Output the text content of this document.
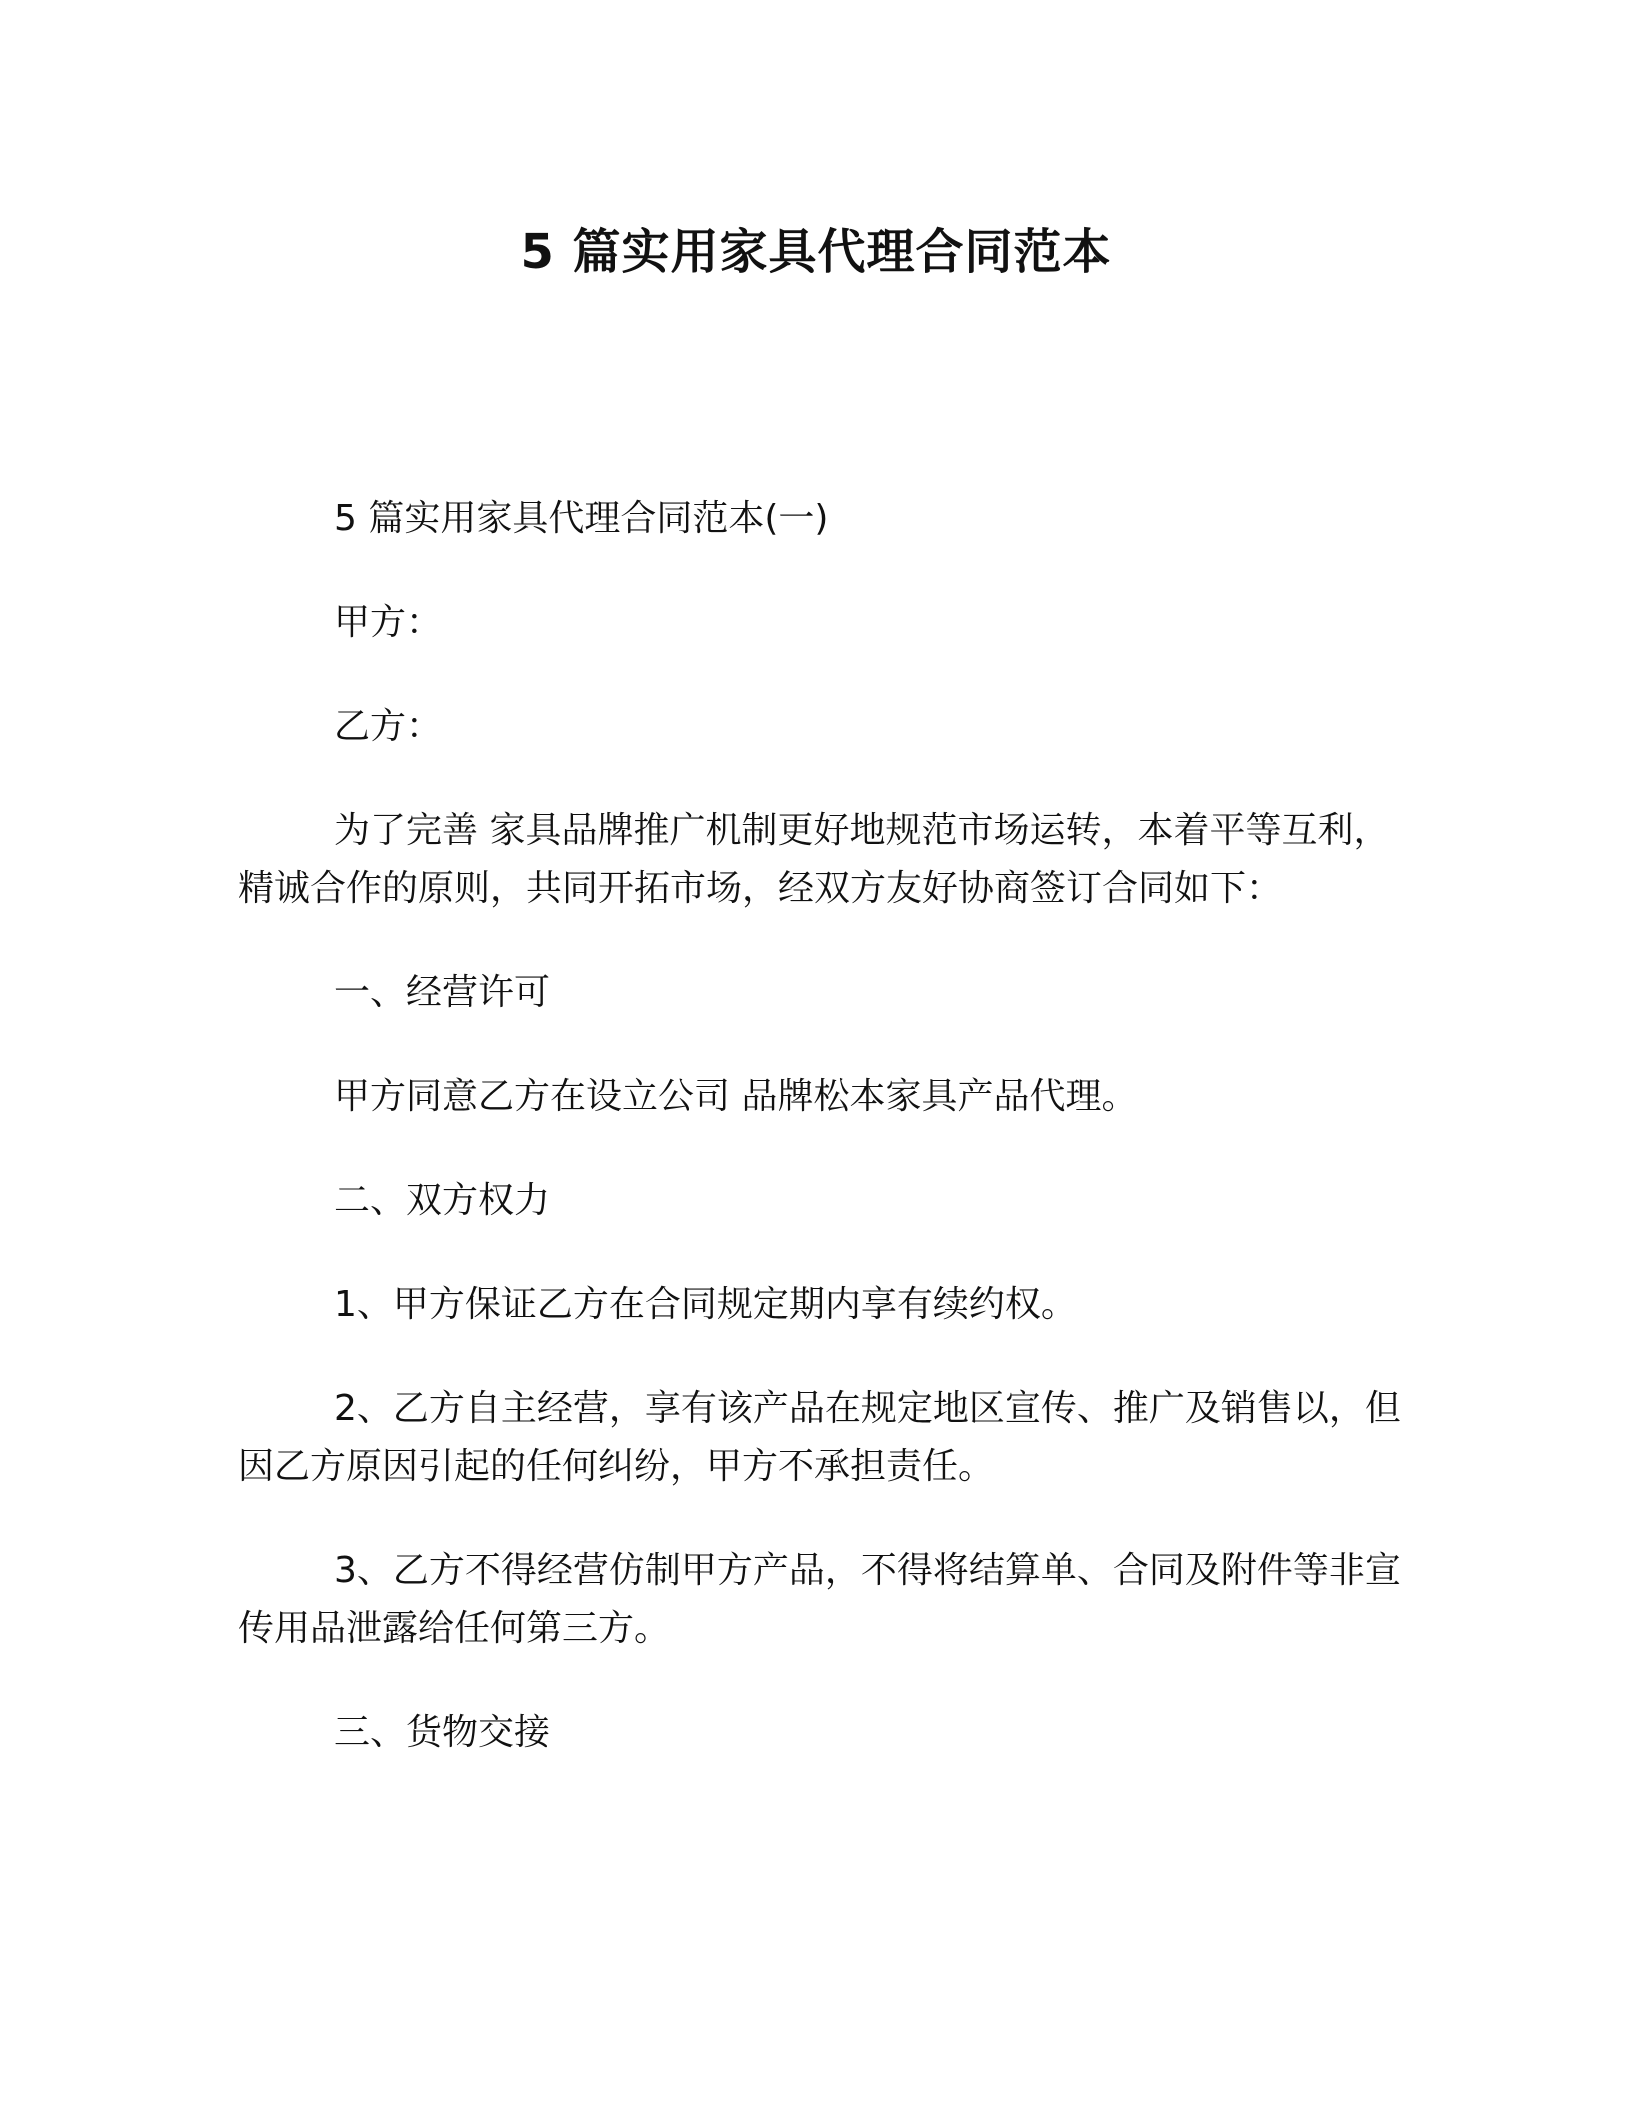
5 篇实用家具代理合同范本

5 篇实用家具代理合同范本(一)

甲方：

乙方：

为了完善 家具品牌推广机制更好地规范市场运转，本着平等互利，精诚合作的原则，共同开拓市场，经双方友好协商签订合同如下：

一、经营许可

甲方同意乙方在设立公司 品牌松本家具产品代理。

二、双方权力

1、甲方保证乙方在合同规定期内享有续约权。

2、乙方自主经营，享有该产品在规定地区宣传、推广及销售以，但因乙方原因引起的任何纠纷，甲方不承担责任。

3、乙方不得经营仿制甲方产品，不得将结算单、合同及附件等非宣传用品泄露给任何第三方。

三、货物交接
